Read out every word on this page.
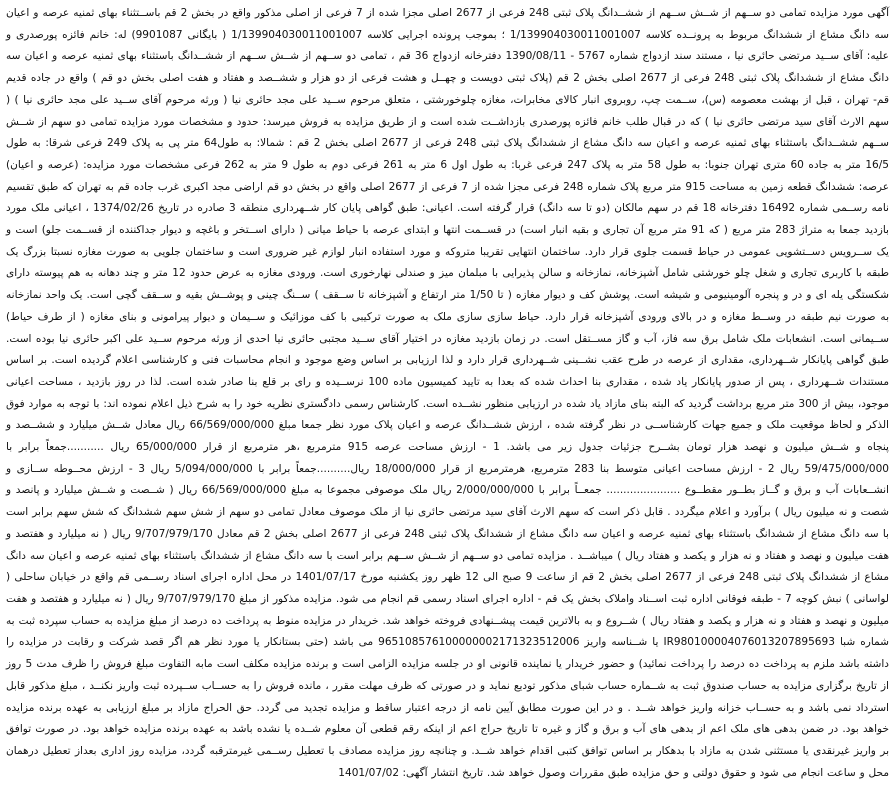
آگهی مورد مزایده تمامی دو ســهم از شــش ســهم از ششــدانگ پلاک ثبتی 248 فرعی از 2677 اصلی مجزا شده از 7 فرعی از اصلی مذکور واقع در بخش 2 قم باســتثناء بهای ثمنیه عرصه و اعیان سه دانگ مشاع از ششدانگ مربوط به پرونــده کلاسه 1/139904030011001007 ؛ بموجب پرونده اجرایی کلاسه 1/139904030011001007 ( بایگانی 9901087) له: خانم فائزه پورصدری و علیه: آقای ســید مرتضی حائری نیا ، مستند سند ازدواج شماره 5767 - 1390/08/11 دفترخانه ازدواج 36 قم ، تمامی دو ســهم از شــش ســهم از ششــدانگ باستثناء بهای ثمنیه عرصه و اعیان سه دانگ مشاع از ششدانگ پلاک ثبتی 248 فرعی از 2677 اصلی بخش 2 قم (پلاک ثبتی دویست و چهــل و هشت فرعی از دو هزار و ششــصد و هفتاد و هفت اصلی بخش دو قم ) واقع در جاده قدیم قم- تهران ، قبل از بهشت معصومه (س)، ســمت چپ، روبروی انبار کالای مخابرات، مغازه چلوخورشتی ، متعلق مرحوم ســید علی مجد حائری نیا ( ورثه مرحوم آقای ســید علی مجد حائری نیا ) ( سهم الارث آقای سید مرتضی حائری نیا ) که در قبال طلب خانم فائزه پورصدری بازداشــت شده است و از طریق مزایده به فروش میرسد: حدود و مشخصات مورد مزایده تمامی دو سهم از شــش ســهم ششــدانگ باستثناء بهای ثمنیه عرصه و اعیان سه دانگ مشاع از ششدانگ پلاک ثبتی 248 فرعی از 2677 اصلی بخش 2 قم : شمالا: به طول64 متر پی به پلاک 249 فرعی شرقا: به طول 16/5 متر به جاده 60 متری تهران جنوبا: به طول 58 متر به پلاک 247 فرعی غربا: به طول اول 6 متر به 261 فرعی دوم به طول 9 متر به 262 فرعی مشخصات مورد مزایده: (عرصه و اعیان) عرصه: ششدانگ قطعه زمین به مساحت 915 متر مربع پلاک شماره 248 فرعی مجزا شده از 7 فرعی از 2677 اصلی واقع در بخش دو قم اراضی مجد اکبری غرب جاده قم به تهران که طبق تقسیم نامه رســمی شماره 16492 دفترخانه 18 قم در سهم مالکان (دو تا سه دانگ) قرار گرفته است. اعیانی: طبق گواهی پایان کار شــهرداری منطقه 3 صادره در تاریخ 1374/02/26 ، اعیانی ملک مورد بازدید جمعا به متراژ 283 متر مربع ( که 91 متر مربع آن تجاری و بقیه انبار است) در قســمت انتها و ابتدای عرصه با حیاط میانی ( دارای اســتخر و باغچه و دیوار جداکننده از قســمت جلو) است و یک ســرویس دســتشویی عمومی در حیاط قسمت جلوی قرار دارد. ساختمان انتهایی تقریبا متروکه و مورد استفاده انبار لوازم غیر ضروری است و ساختمان جلویی به صورت مغازه نسبتا بزرگ یک طبقه با کاربری تجاری و شغل چلو خورشتی شامل آشپزخانه، نمازخانه و سالن پذیرایی با مبلمان میز و صندلی نهارخوری است. ورودی مغازه به عرض حدود 12 متر و چند دهانه به هم پیوسته دارای شکستگی یله ای و در و پنجره آلومینیومی و شیشه است. پوشش کف و دیوار مغازه ( تا 1/50 متر ارتفاع و آشپزخانه تا ســقف ) ســنگ چینی و پوشــش بقیه و ســقف گچی است. یک واحد نمازخانه به صورت نیم طبقه در وســط مغازه و در بالای ورودی آشپزخانه قرار دارد. حیاط سازی سازی ملک به صورت ترکیبی با کف موزائیک و ســیمان و دیوار پیرامونی و بنای مغازه ( از طرف حیاط) ســیمانی است. انشعابات ملک شامل برق سه فاز، آب و گاز مســتقل است. در زمان بازدید مغازه در اختیار آقای ســید مجتبی حائری نیا احدی از ورثه مرحوم ســید علی اکبر حائری نیا بوده است. طبق گواهی پایانکار شــهرداری، مقداری از عرصه در طرح عقب نشــینی شــهرداری قرار دارد و لذا ارزیابی بر اساس وضع موجود و انجام محاسبات فنی و کارشناسی اعلام گردیده است. بر اساس مستندات شــهرداری ، پس از صدور پایانکار یاد شده ، مقداری بنا احداث شده که بعدا به تایید کمیسیون ماده 100 نرســیده و رای بر قلع بنا صادر شده است. لذا در روز بازدید ، مساحت اعیانی موجود، بیش از 300 متر مربع برداشت گردید که البته بنای مازاد یاد شده در ارزیابی منظور نشــده است. کارشناس رسمی دادگستری نظریه خود را به شرح ذیل اعلام نموده اند: با توجه به موارد فوق الذکر و لحاظ موقعیت ملک و جمیع جهات کارشناســی در نظر گرفته شده ، ارزش ششــدانگ عرصه و اعیان پلاک مورد نظر جمعا مبلغ 66/569/000/000 ریال معادل شــش میلیارد و ششــصد و پنجاه و شــش میلیون و نهصد هزار تومان بشــرح جزئیات جدول زیر می باشد. 1 - ارزش مساحت عرصه 915 مترمربع ،هر مترمربع از قرار 65/000/000 ریال ...........جمعاً برابر با 59/475/000/000 ریال 2 - ارزش مساحت اعیانی متوسط بنا 283 مترمربع، هرمترمربع از قرار 18/000/000 ریال..........جمعاً برابر با 5/094/000/000 ریال 3 - ارزش محــوطه ســازی و انشــعابات آب و برق و گــاز بطــور مقطــوع ...................... جمعــاً برابر با 2/000/000/000 ریال ملک موصوفی مجموعا به مبلغ 66/569/000/000 ریال ( شــصت و شــش میلیارد و پانصد و شصت و نه میلیون ریال ) برآورد و اعلام میگردد . قابل ذکر است که سهم الارث آقای سید مرتضی حائری نیا از ملک موصوف معادل تمامی دو سهم از شش سهم ششدانگ که شش سهم برابر است با سه دانگ مشاع از ششدانگ باستثناء بهای ثمنیه عرصه و اعیان سه دانگ مشاع از ششدانگ پلاک ثبتی 248 فرعی از 2677 اصلی بخش 2 قم معادل 9/707/979/170 ریال ( نه میلیارد و هفتصد و هفت میلیون و نهصد و هفتاد و نه هزار و یکصد و هفتاد ریال ) میباشــد . مزایده تمامی دو ســهم از شــش ســهم برابر است با سه دانگ مشاع از ششدانگ باستثناء بهای ثمنیه عرصه و اعیان سه دانگ مشاع از ششدانگ پلاک ثبتی 248 فرعی از 2677 اصلی بخش 2 قم از ساعت 9 صبح الی 12 ظهر روز یکشنبه مورخ 1401/07/17 در محل اداره اجرای اسناد رســمی قم واقع در خیابان ساحلی ( لواسانی ) نبش کوچه 7 - طبقه فوقانی اداره ثبت اســناد واملاک بخش یک قم - اداره اجرای اسناد رسمی قم انجام می شود. مزایده مذکور از مبلغ 9/707/979/170 ریال ( نه میلیارد و هفتصد و هفت میلیون و نهصد و هفتاد و نه هزار و یکصد و هفتاد ریال ) شــروع و به بالاترین قیمت پیشــنهادی فروخته خواهد شد. خریدار در مزایده منوط به پرداخت ده درصد از مبلغ مزایده به حساب سپرده ثبت به شماره شبا IR980100004076013207895693 یا شــناسه واریز 965108576100000002171323512006 می باشد (حتی بستانکار یا مورد نظر هم اگر قصد شرکت و رقابت در مزایده را داشته باشد ملزم به پرداخت ده درصد را پرداخت نمائید) و حضور خریدار یا نماینده قانونی او در جلسه مزایده الزامی است و برنده مزایده مکلف است مابه التفاوت مبلغ فروش را ظرف مدت 5 روز از تاریخ برگزاری مزایده به حساب صندوق ثبت به شــماره حساب شبای مذکور تودیع نماید و در صورتی که ظرف مهلت مقرر ، مانده فروش را به حســاب ســپرده ثبت واریز نکنــد ، مبلغ مذکور قابل استرداد نمی باشد و به حســاب خزانه واریز خواهد شــد . و در این صورت مطابق آیین نامه از درجه اعتبار ساقط و مزایده تجدید می گردد. حق الحراج مازاد بر مبلغ ارزیابی به عهده برنده مزایده خواهد بود. در ضمن بدهی های ملک اعم از بدهی های آب و برق و گاز و غیره تا تاریخ حراج اعم از اینکه رقم قطعی آن معلوم شــده یا نشده باشد به عهده برنده مزایده خواهد بود. در صورت توافق بر واریز غیرنقدی یا مستثنی شدن به مازاد با بدهکار بر اساس توافق کتبی اقدام خواهد شــد. و چنانچه روز مزایده مصادف با تعطیل رســمی غیرمترقبه گردد، مزایده روز اداری بعداز تعطیل درهمان محل و ساعت انجام می شود و حقوق دولتی و حق مزایده طبق مقررات وصول خواهد شد. تاریخ انتشار آگهی: 1401/07/02
